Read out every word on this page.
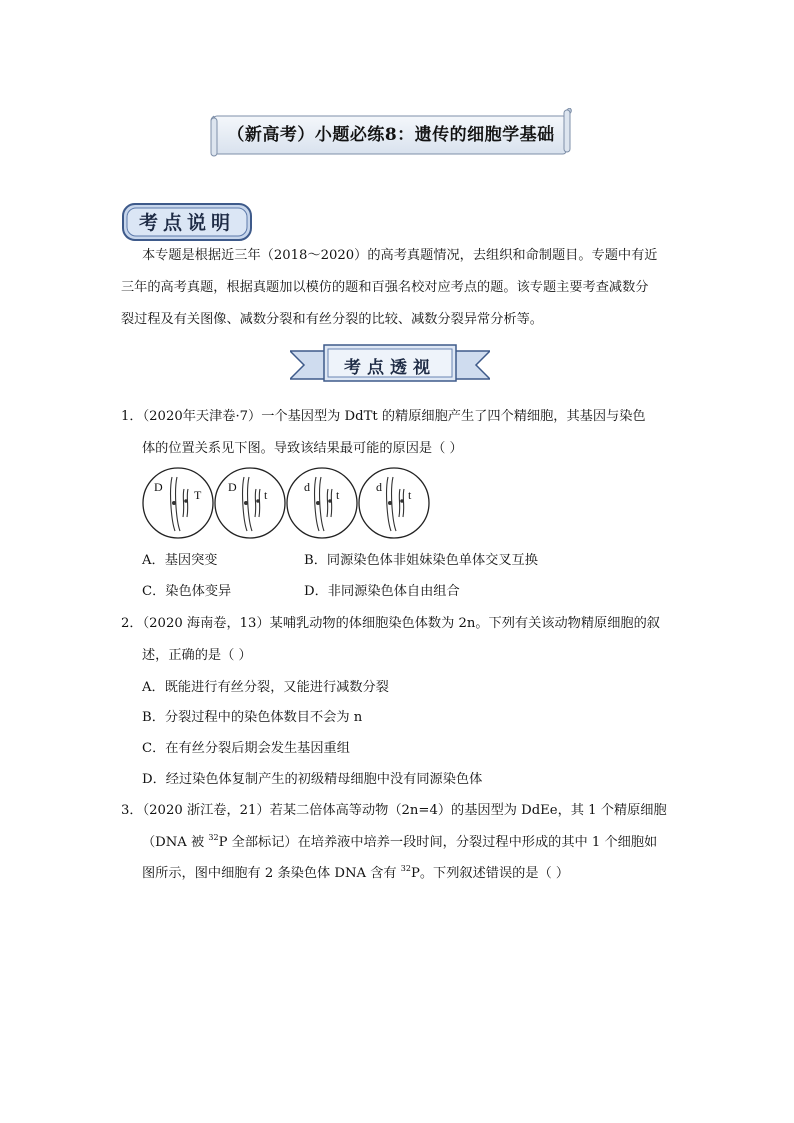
（新高考）小题必练8：遗传的细胞学基础
考点说明
本专题是根据近三年（2018～2020）的高考真题情况，去组织和命制题目。专题中有近
三年的高考真题，根据真题加以模仿的题和百强名校对应考点的题。该专题主要考查减数分
裂过程及有关图像、减数分裂和有丝分裂的比较、减数分裂异常分析等。
考点透视
1．（2020年天津卷·7）一个基因型为 DdTt 的精原细胞产生了四个精细胞，其基因与染色
体的位置关系见下图。导致该结果最可能的原因是（ ）
D
T
D
t
d
t
d
t
A．基因突变	B．同源染色体非姐妹染色单体交叉互换
C．染色体变异	D．非同源染色体自由组合
2．（2020 海南卷，13）某哺乳动物的体细胞染色体数为 2n。下列有关该动物精原细胞的叙
述，正确的是（ ）
A．既能进行有丝分裂，又能进行减数分裂
B．分裂过程中的染色体数目不会为 n
C．在有丝分裂后期会发生基因重组
D．经过染色体复制产生的初级精母细胞中没有同源染色体
3．（2020 浙江卷，21）若某二倍体高等动物（2n=4）的基因型为 DdEe，其 1 个精原细胞
（DNA 被 $^{32}$P 全部标记）在培养液中培养一段时间，分裂过程中形成的其中 1 个细胞如
图所示，图中细胞有 2 条染色体 DNA 含有 $^{32}$P。下列叙述错误的是（ ）
